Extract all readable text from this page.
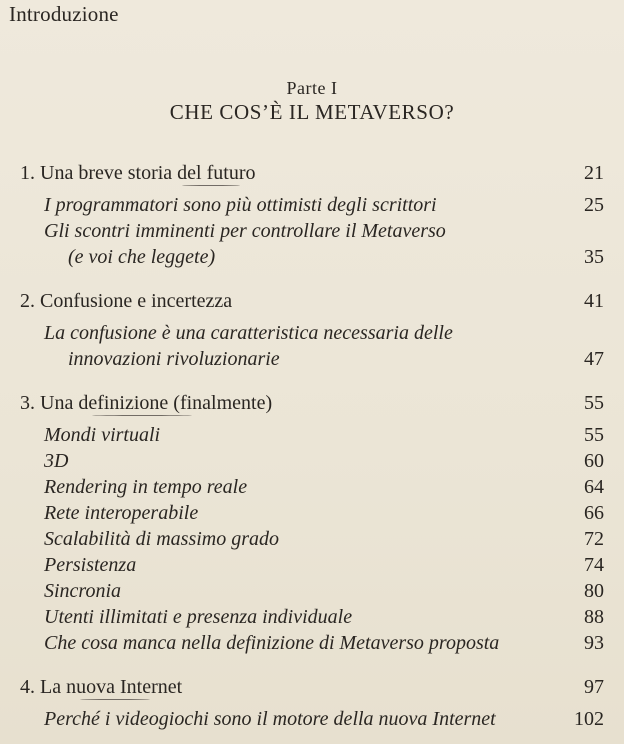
Introduzione
Parte I
CHE COS’È IL METAVERSO?
1. Una breve storia del futuro	21
I programmatori sono più ottimisti degli scrittori	25
Gli scontri imminenti per controllare il Metaverso
(e voi che leggete)	35
2. Confusione e incertezza	41
La confusione è una caratteristica necessaria delle
innovazioni rivoluzionarie	47
3. Una definizione (finalmente)	55
Mondi virtuali	55
3D	60
Rendering in tempo reale	64
Rete interoperabile	66
Scalabilità di massimo grado	72
Persistenza	74
Sincronia	80
Utenti illimitati e presenza individuale	88
Che cosa manca nella definizione di Metaverso proposta	93
4. La nuova Internet	97
Perché i videogiochi sono il motore della nuova Internet	102
